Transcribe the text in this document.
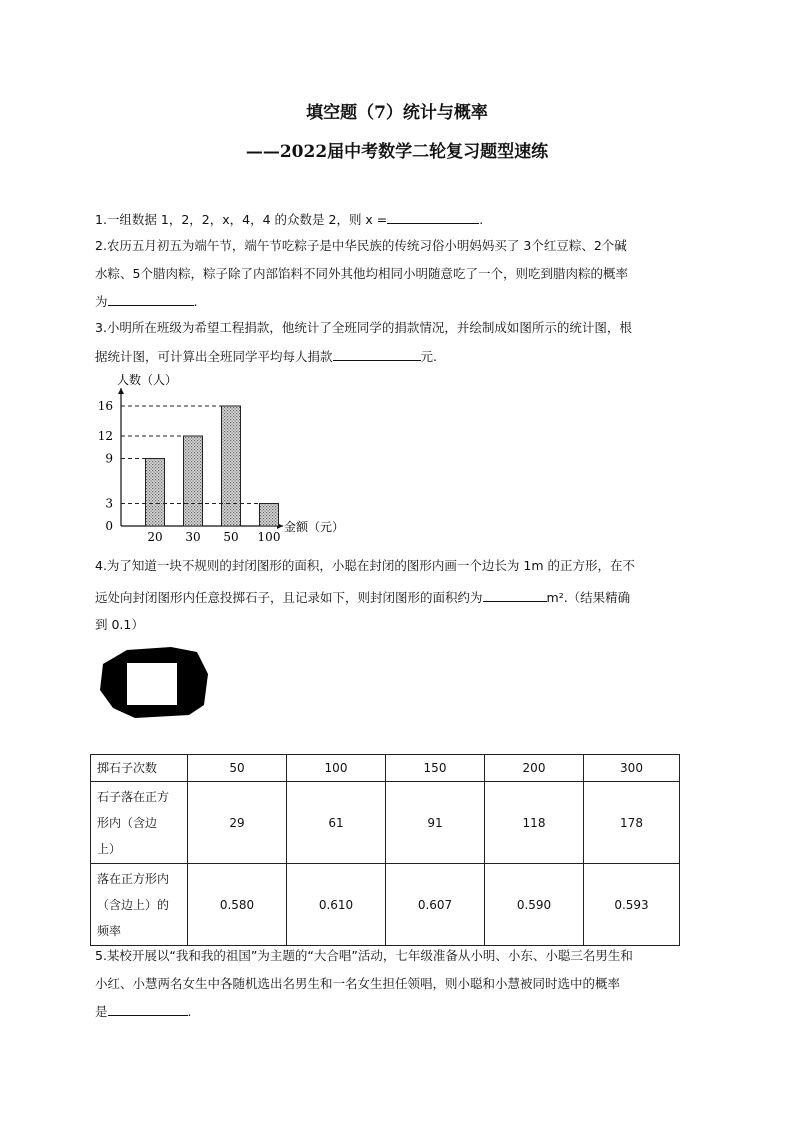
填空题（7）统计与概率
——2022届中考数学二轮复习题型速练
1.一组数据 1，2，2，x，4，4 的众数是 2，则 x =	.
2.农历五月初五为端午节，端午节吃粽子是中华民族的传统习俗小明妈妈买了 3个红豆粽、2个碱
水粽、5个腊肉粽，粽子除了内部馅料不同外其他均相同小明随意吃了一个，则吃到腊肉粽的概率
为	.
3.小明所在班级为希望工程捐款，他统计了全班同学的捐款情况，并绘制成如图所示的统计图，根
据统计图，可计算出全班同学平均每人捐款	元.
人数（人）
金额（元）
0
3
9
12
16
20 30 50 100
4.为了知道一块不规则的封闭图形的面积，小聪在封闭的图形内画一个边长为 1m 的正方形，在不
远处向封闭图形内任意投掷石子，且记录如下，则封闭图形的面积约为	m².（结果精确
到 0.1）
掷石子次数	50	100	150	200	300

石子落在正方
形内（含边
上）	29	61	91	118	178

落在正方形内
（含边上）的
频率	0.580	0.610	0.607	0.590	0.593
5.某校开展以“我和我的祖国”为主题的“大合唱”活动，七年级准备从小明、小东、小聪三名男生和
小红、小慧两名女生中各随机选出名男生和一名女生担任领唱，则小聪和小慧被同时选中的概率
是	.
